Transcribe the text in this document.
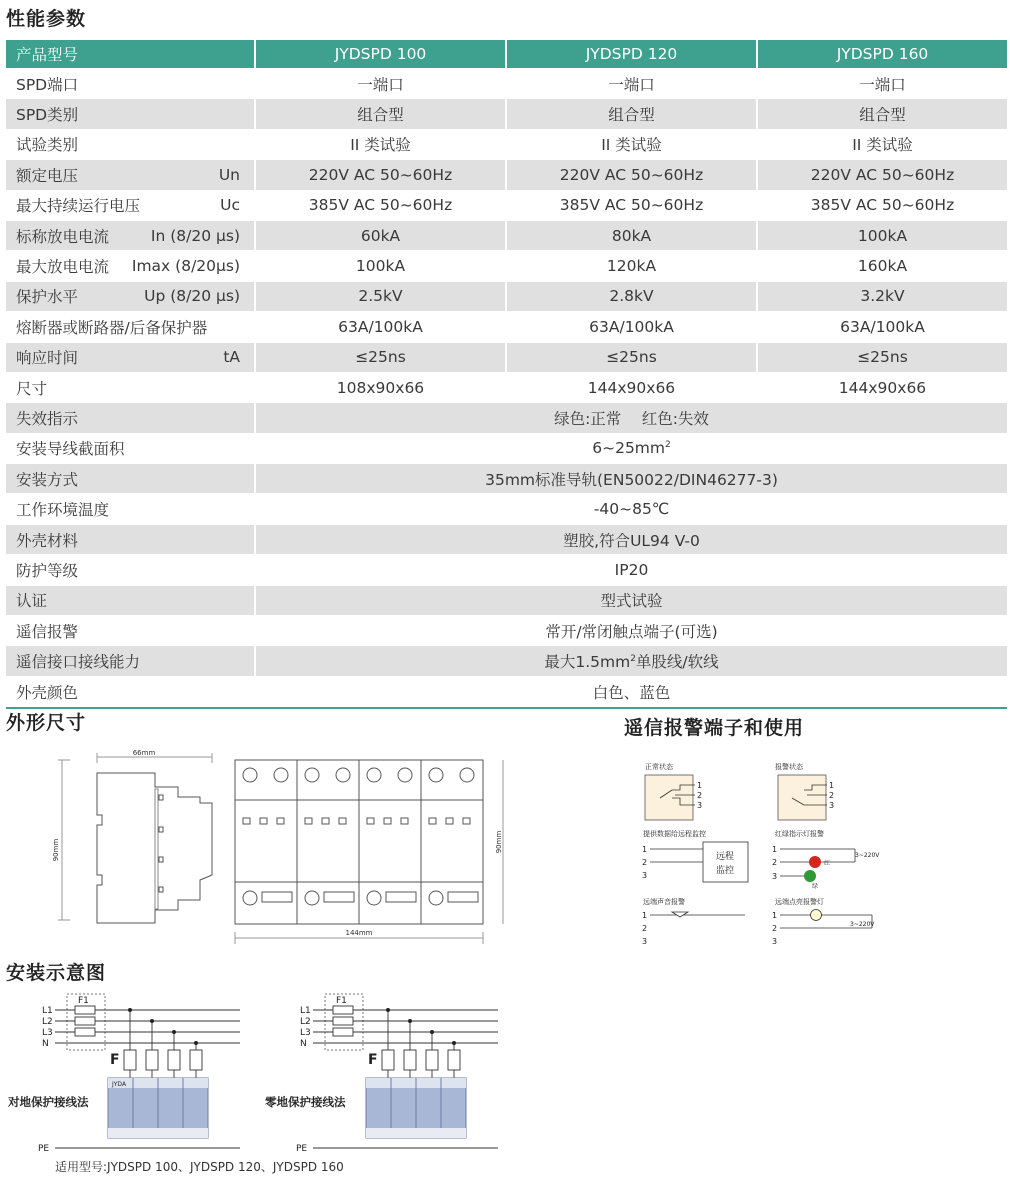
性能参数
产品型号	JYDSPD 100	JYDSPD 120	JYDSPD 160
SPD端口	一端口	一端口	一端口
SPD类别	组合型	组合型	组合型
试验类别	II 类试验	II 类试验	II 类试验
额定电压 Un	220V AC 50~60Hz	220V AC 50~60Hz	220V AC 50~60Hz
最大持续运行电压 Uc	385V AC 50~60Hz	385V AC 50~60Hz	385V AC 50~60Hz
标称放电电流 In (8/20 μs)	60kA	80kA	100kA
最大放电电流 Imax (8/20μs)	100kA	120kA	160kA
保护水平 Up (8/20 μs)	2.5kV	2.8kV	3.2kV
熔断器或断路器/后备保护器	63A/100kA	63A/100kA	63A/100kA
响应时间 tA	≤25ns	≤25ns	≤25ns
尺寸	108x90x66	144x90x66	144x90x66
失效指示	绿色:正常　 红色:失效		
安装导线截面积	$6\sim 25mm^2$
安装方式	35mm标准导轨(EN50022/DIN46277-3)		
工作环境温度	-40~85℃		
外壳材料	塑胶,符合UL94 V-0		
防护等级	IP20		
认证	型式试验		
遥信报警	常开/常闭触点端子(可选)		
遥信接口接线能力	最大$1.5mm^2$单股线/软线		
外壳颜色	白色、蓝色		
外形尺寸	遥信报警端子和使用
安装示意图
66mm
90mm	90mm
144mm
正常状态	报警状态
提供数据给远程监控	红绿指示灯报警
远端声音报警	远端点亮报警灯
1
2
3
1
2
3
1
2
3
1
2
3
1
2
3
1
2
3
远程
监控
红
绿
3~220V
3~220V
L1
L2
L3
N
F1
PE
JYDA
F
对地保护接线法
L1
L2
L3
N
F1
PE
F
零地保护接线法
适用型号:JYDSPD 100、JYDSPD 120、JYDSPD 160
